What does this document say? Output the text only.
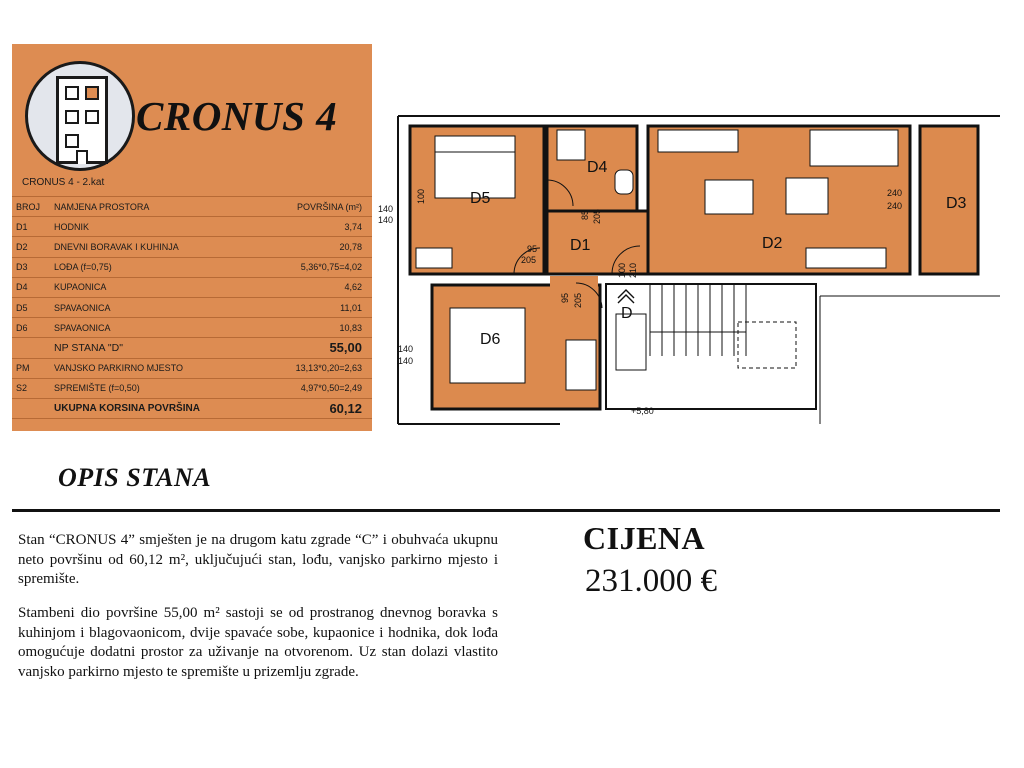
CRONUS 4
CRONUS 4 - 2.kat
BROJ	NAMJENA PROSTORA	POVRŠINA (m²)
D1	HODNIK	3,74
D2	DNEVNI BORAVAK I KUHINJA	20,78
D3	LOĐA (f=0,75)	5,36*0,75=4,02
D4	KUPAONICA	4,62
D5	SPAVAONICA	11,01
D6	SPAVAONICA	10,83
	NP STANA "D"	55,00
PM	VANJSKO PARKIRNO MJESTO	13,13*0,20=2,63
S2	SPREMIŠTE (f=0,50)	4,97*0,50=2,49
	UKUPNA KORSINA POVRŠINA	60,12
D5
D4
D1	D2
D3
D6
D
140
140
140
140
95
205
240
240
+5,80
85 205
95 205
100 210
100
OPIS STANA

Stan “CRONUS 4” smješten je na drugom katu zgrade “C” i obuhvaća ukupnu neto površinu od 60,12 m², uključujući stan, lođu, vanjsko parkirno mjesto i spremište.

Stambeni dio površine 55,00 m² sastoji se od prostranog dnevnog boravka s kuhinjom i blagovaonicom, dvije spavaće sobe, kupaonice i hodnika, dok lođa omogućuje dodatni prostor za uživanje na otvorenom. Uz stan dolazi vlastito vanjsko parkirno mjesto te spremište u prizemlju zgrade.

CIJENA
231.000 €
